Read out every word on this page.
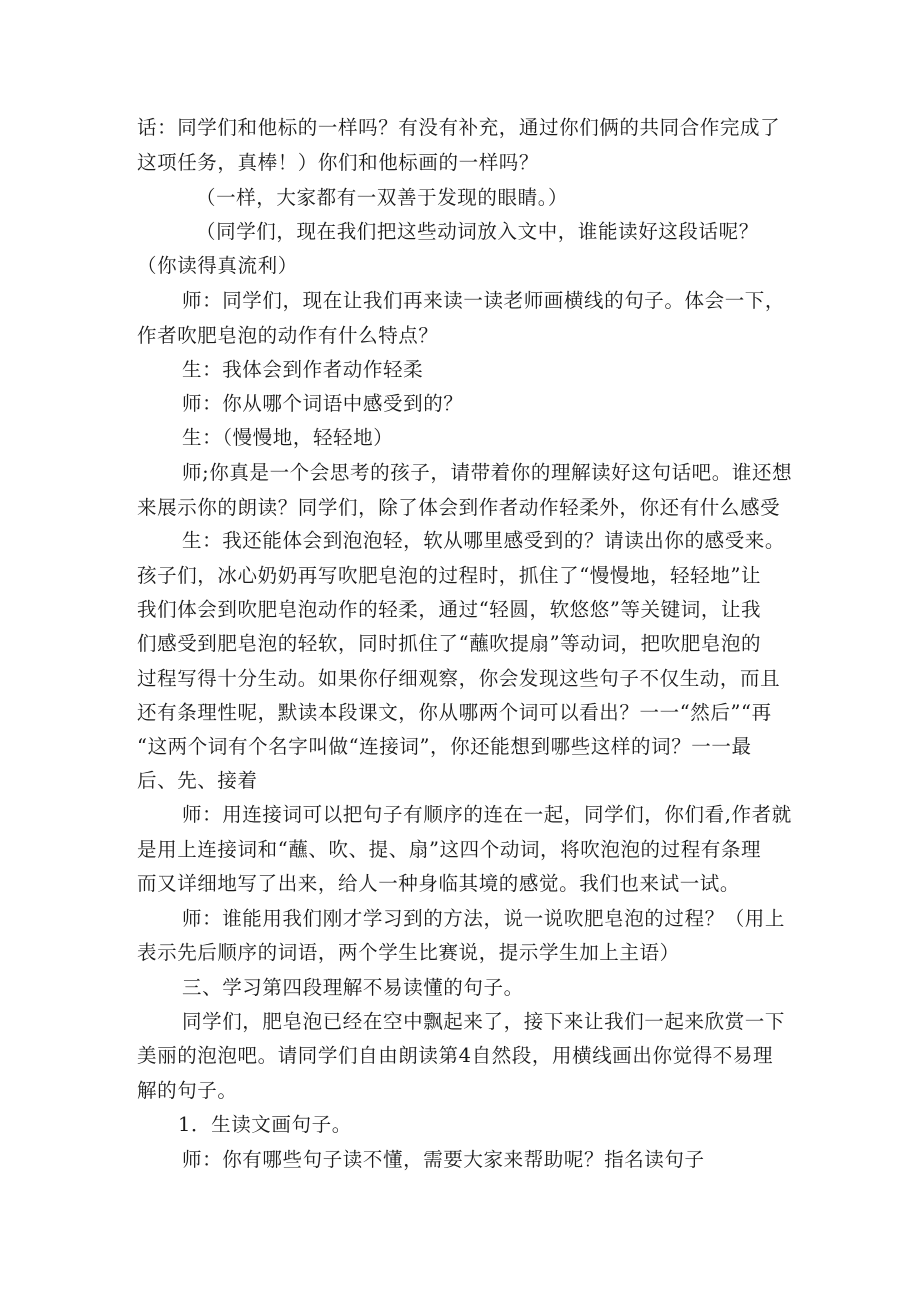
话：同学们和他标的一样吗？有没有补充，通过你们俩的共同合作完成了
这项任务，真棒！）你们和他标画的一样吗？
（一样，大家都有一双善于发现的眼睛。）
（同学们，现在我们把这些动词放入文中，谁能读好这段话呢？
（你读得真流利）
师：同学们，现在让我们再来读一读老师画横线的句子。体会一下，
作者吹肥皂泡的动作有什么特点？
生：我体会到作者动作轻柔
师：你从哪个词语中感受到的？
生：（慢慢地，轻轻地）
师;你真是一个会思考的孩子，请带着你的理解读好这句话吧。谁还想
来展示你的朗读？同学们，除了体会到作者动作轻柔外，你还有什么感受
生：我还能体会到泡泡轻，软从哪里感受到的？请读出你的感受来。
孩子们，冰心奶奶再写吹肥皂泡的过程时，抓住了“慢慢地，轻轻地”让
我们体会到吹肥皂泡动作的轻柔，通过“轻圆，软悠悠”等关键词，让我
们感受到肥皂泡的轻软，同时抓住了“蘸吹提扇”等动词，把吹肥皂泡的
过程写得十分生动。如果你仔细观察，你会发现这些句子不仅生动，而且
还有条理性呢，默读本段课文，你从哪两个词可以看出？一一“然后”“再
“这两个词有个名字叫做“连接词”，你还能想到哪些这样的词？一一最
后、先、接着
师：用连接词可以把句子有顺序的连在一起，同学们，你们看,作者就
是用上连接词和“蘸、吹、提、扇”这四个动词，将吹泡泡的过程有条理
而又详细地写了出来，给人一种身临其境的感觉。我们也来试一试。
师：谁能用我们刚才学习到的方法，说一说吹肥皂泡的过程？（用上
表示先后顺序的词语，两个学生比赛说，提示学生加上主语）
三、学习第四段理解不易读懂的句子。
同学们，肥皂泡已经在空中飘起来了，接下来让我们一起来欣赏一下
美丽的泡泡吧。请同学们自由朗读第4自然段，用横线画出你觉得不易理
解的句子。
1．生读文画句子。
师：你有哪些句子读不懂，需要大家来帮助呢？指名读句子
